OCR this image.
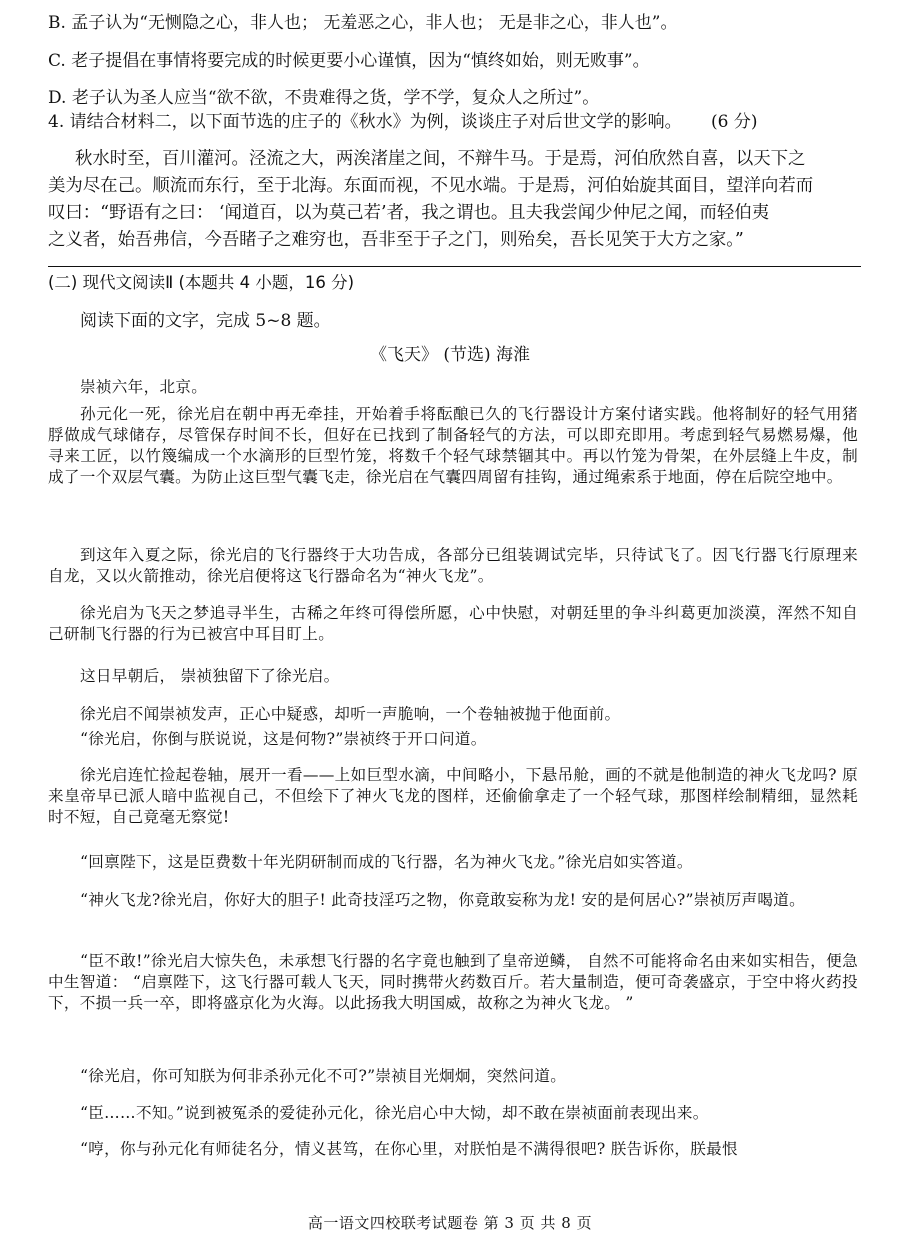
B. 孟子认为“无恻隐之心，非人也； 无羞恶之心，非人也； 无是非之心，非人也”。
C. 老子提倡在事情将要完成的时候更要小心谨慎，因为“慎终如始，则无败事”。
D. 老子认为圣人应当“欲不欲，不贵难得之货，学不学，复众人之所过”。
4. 请结合材料二，以下面节选的庄子的《秋水》为例，谈谈庄子对后世文学的影响。 (6 分)
秋水时至，百川灌河。泾流之大，两涘渚崖之间，不辩牛马。于是焉，河伯欣然自喜，以天下之
美为尽在己。顺流而东行，至于北海。东面而视，不见水端。于是焉，河伯始旋其面目，望洋向若而
叹曰：“野语有之曰： ‘闻道百，以为莫己若’者，我之谓也。且夫我尝闻少仲尼之闻，而轻伯夷
之义者，始吾弗信，今吾睹子之难穷也，吾非至于子之门，则殆矣，吾长见笑于大方之家。”
(二) 现代文阅读Ⅱ (本题共 4 小题，16 分)
阅读下面的文字，完成 5~8 题。
《飞天》 (节选) 海淮
崇祯六年，北京。
孙元化一死，徐光启在朝中再无牵挂，开始着手将酝酿已久的飞行器设计方案付诸实践。他将制好的轻气用猪脬做成气球储存，尽管保存时间不长，但好在已找到了制备轻气的方法，可以即充即用。考虑到轻气易燃易爆，他寻来工匠，以竹篾编成一个水滴形的巨型竹笼，将数千个轻气球禁锢其中。再以竹笼为骨架，在外层缝上牛皮，制成了一个双层气囊。为防止这巨型气囊飞走，徐光启在气囊四周留有挂钩，通过绳索系于地面，停在后院空地中。
到这年入夏之际，徐光启的飞行器终于大功告成，各部分已组装调试完毕，只待试飞了。因飞行器飞行原理来自龙，又以火箭推动，徐光启便将这飞行器命名为“神火飞龙”。
徐光启为飞天之梦追寻半生，古稀之年终可得偿所愿，心中快慰，对朝廷里的争斗纠葛更加淡漠，浑然不知自己研制飞行器的行为已被宫中耳目盯上。
这日早朝后， 崇祯独留下了徐光启。
徐光启不闻崇祯发声，正心中疑惑，却听一声脆响，一个卷轴被抛于他面前。
“徐光启，你倒与朕说说，这是何物?”崇祯终于开口问道。
徐光启连忙捡起卷轴，展开一看——上如巨型水滴，中间略小，下悬吊舱，画的不就是他制造的神火飞龙吗? 原来皇帝早已派人暗中监视自己，不但绘下了神火飞龙的图样，还偷偷拿走了一个轻气球，那图样绘制精细，显然耗时不短，自己竟毫无察觉!
“回禀陛下，这是臣费数十年光阴研制而成的飞行器，名为神火飞龙。”徐光启如实答道。
“神火飞龙?徐光启，你好大的胆子! 此奇技淫巧之物，你竟敢妄称为龙! 安的是何居心?”崇祯厉声喝道。
“臣不敢!”徐光启大惊失色，未承想飞行器的名字竟也触到了皇帝逆鳞， 自然不可能将命名由来如实相告，便急中生智道： “启禀陛下，这飞行器可载人飞天，同时携带火药数百斤。若大量制造，便可奇袭盛京，于空中将火药投下，不损一兵一卒，即将盛京化为火海。以此扬我大明国威，故称之为神火飞龙。 ”
“徐光启，你可知朕为何非杀孙元化不可?”崇祯目光炯炯，突然问道。
“臣……不知。”说到被冤杀的爱徒孙元化，徐光启心中大恸，却不敢在崇祯面前表现出来。
“哼，你与孙元化有师徒名分，情义甚笃，在你心里，对朕怕是不满得很吧? 朕告诉你，朕最恨
高一语文四校联考试题卷 第 3 页 共 8 页
